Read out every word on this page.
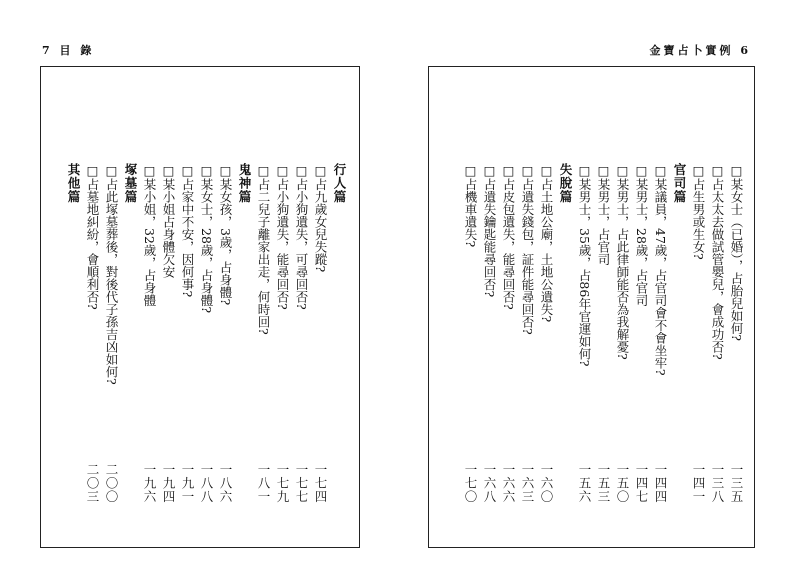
7 目 錄	金寶占卜實例 6
行人篇
□占九歲女兒失蹤?
一七四
□占小狗遺失，可尋回否?
一七七
□占小狗遺失，能尋回否?
一七九
□占二兒子離家出走，何時回?
一八一
鬼神篇
□某女孩，3歲，占身體?
一八六
□某女士，28歲，占身體?
一八八
□占家中不安，因何事?
一九一
□某小姐占身體欠安
一九四
□某小姐，32歲，占身體
一九六
塚墓篇
□占此塚墓葬後，對後代子孫吉凶如何?
二〇〇
□占墓地糾紛，會順利否?
二〇三
其他篇	□某女士（已婚），占胎兒如何?
一三五
□占太太去做試管嬰兒，會成功否?
一三八
□占生男或生女?
一四一
官司篇
□某議員，47歲，占官司會不會坐牢?
一四四
□某男士，28歲，占官司
一四七
□某男士，占此律師能否為我解憂?
一五〇
□某男士，占官司
一五三
□某男士，35歲，占86年官運如何?
一五六
失脫篇
□占土地公廟，土地公遺失?
一六〇
□占遺失錢包，証件能尋回否?
一六三
□占皮包遺失，能尋回否?
一六六
□占遺失鑰匙能尋回否?
一六八
□占機車遺失?
一七〇
